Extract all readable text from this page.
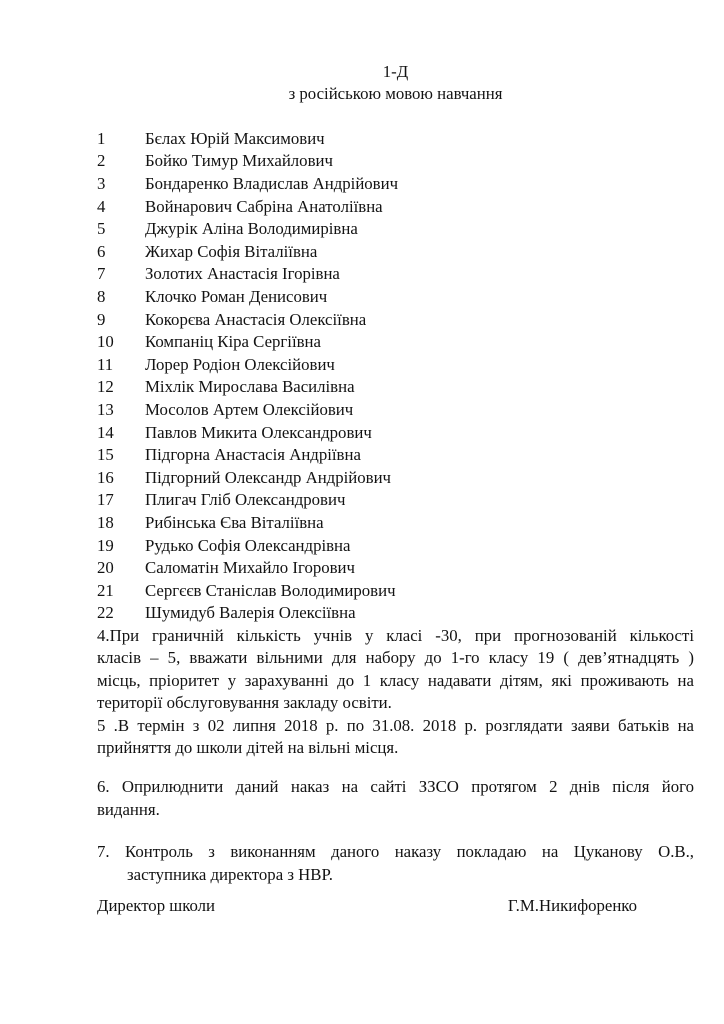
1-Д
з російською мовою навчання
1	Бєлах Юрій Максимович
2	Бойко Тимур Михайлович
3	Бондаренко Владислав Андрійович
4	Войнарович Сабріна Анатоліївна
5	Джурік Аліна Володимирівна
6	Жихар Софія Віталіївна
7	Золотих Анастасія Ігорівна
8	Клочко Роман Денисович
9	Кокорєва Анастасія Олексіївна
10	Компаніц Кіра Сергіївна
11	Лорер Родіон Олексійович
12	Міхлік Мирослава Василівна
13	Мосолов Артем Олексійович
14	Павлов Микита Олександрович
15	Підгорна Анастасія Андріївна
16	Підгорний Олександр Андрійович
17	Плигач Гліб Олександрович
18	Рибінська Єва Віталіївна
19	Рудько Софія Олександрівна
20	Саломатін Михайло Ігорович
21	Сергєєв Станіслав Володимирович
22	Шумидуб Валерія Олексіївна
4.При граничній кількість учнів у класі -30, при прогнозованій кількості
класів – 5, вважати вільними для набору до 1-го класу 19 ( дев’ятнадцять )
місць, пріоритет у зарахуванні до 1 класу надавати дітям, які проживають на
території обслуговування закладу освіти.
5 .В термін з 02 липня 2018 р. по 31.08. 2018 р. розглядати заяви батьків на
прийняття до школи дітей на вільні місця.
6. Оприлюднити даний наказ на сайті ЗЗСО протягом 2 днів після його
видання.
7. Контроль з виконанням даного наказу покладаю на Цуканову О.В.,
заступника директора з НВР.
Директор школи	Г.М.Никифоренко
